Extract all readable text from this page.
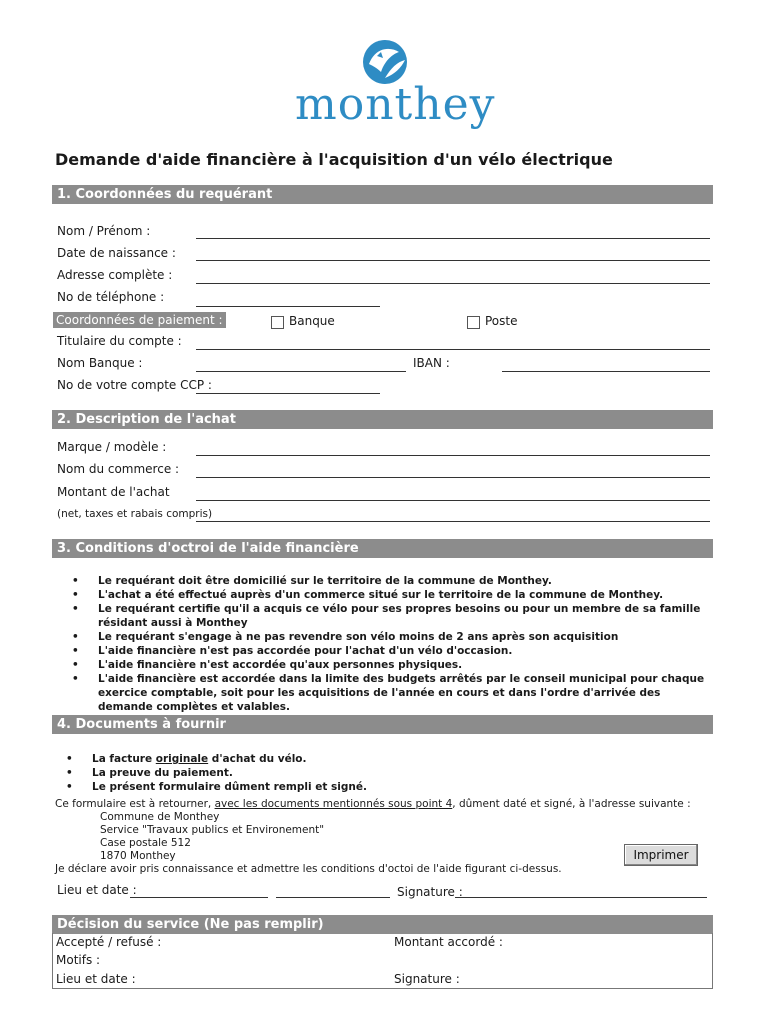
monthey
Demande d'aide financière à l'acquisition d'un vélo électrique
1. Coordonnées du requérant
Nom / Prénom :
Date de naissance :
Adresse complète :
No de téléphone :
Coordonnées de paiement :	Banque	Poste
Titulaire du compte :
Nom Banque :	IBAN :
No de votre compte CCP :
2. Description de l'achat
Marque / modèle :
Nom du commerce :
Montant de l'achat
(net, taxes et rabais compris)
3. Conditions d'octroi de l'aide financière
• Le requérant doit être domicilié sur le territoire de la commune de Monthey.
• L'achat a été effectué auprès d'un commerce situé sur le territoire de la commune de Monthey.
• Le requérant certifie qu'il a acquis ce vélo pour ses propres besoins ou pour un membre de sa famille résidant aussi à Monthey
• Le requérant s'engage à ne pas revendre son vélo moins de 2 ans après son acquisition
• L'aide financière n'est pas accordée pour l'achat d'un vélo d'occasion.
• L'aide financière n'est accordée qu'aux personnes physiques.
• L'aide financière est accordée dans la limite des budgets arrêtés par le conseil municipal pour chaque exercice comptable, soit pour les acquisitions de l'année en cours et dans l'ordre d'arrivée des demande complètes et valables.
4. Documents à fournir
• La facture originale d'achat du vélo.
• La preuve du paiement.
• Le présent formulaire dûment rempli et signé.
Ce formulaire est à retourner, avec les documents mentionnés sous point 4, dûment daté et signé, à l'adresse suivante :
Commune de Monthey
Service "Travaux publics et Environement"
Case postale 512
1870 Monthey
Je déclare avoir pris connaissance et admettre les conditions d'octoi de l'aide figurant ci-dessus.
Imprimer
Lieu et date :	Signature :
Décision du service (Ne pas remplir)
Accepté / refusé :	Montant accordé :
Motifs :
Lieu et date :	Signature :
